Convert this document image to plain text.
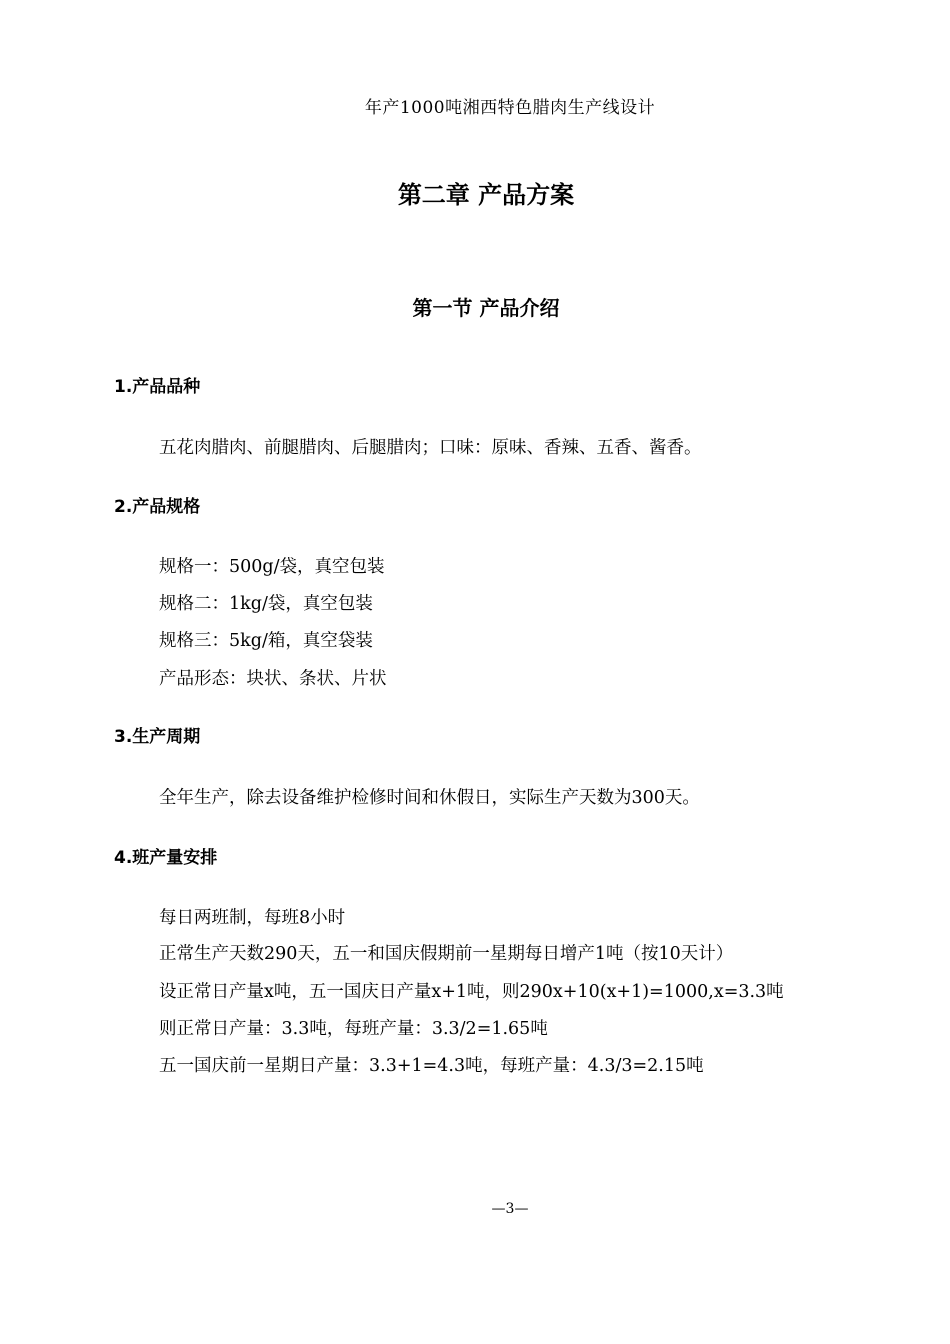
年产1000吨湘西特色腊肉生产线设计
第二章 产品方案
第一节 产品介绍
1.产品品种
五花肉腊肉、前腿腊肉、后腿腊肉；口味：原味、香辣、五香、酱香。
2.产品规格
规格一：500g/袋，真空包装
规格二：1kg/袋，真空包装
规格三：5kg/箱，真空袋装
产品形态：块状、条状、片状
3.生产周期
全年生产，除去设备维护检修时间和休假日，实际生产天数为300天。
4.班产量安排
每日两班制，每班8小时
正常生产天数290天，五一和国庆假期前一星期每日增产1吨（按10天计）
设正常日产量x吨，五一国庆日产量x+1吨，则290x+10(x+1)=1000,x=3.3吨
则正常日产量：3.3吨，每班产量：3.3/2=1.65吨
五一国庆前一星期日产量：3.3+1=4.3吨，每班产量：4.3/3=2.15吨
—3—
